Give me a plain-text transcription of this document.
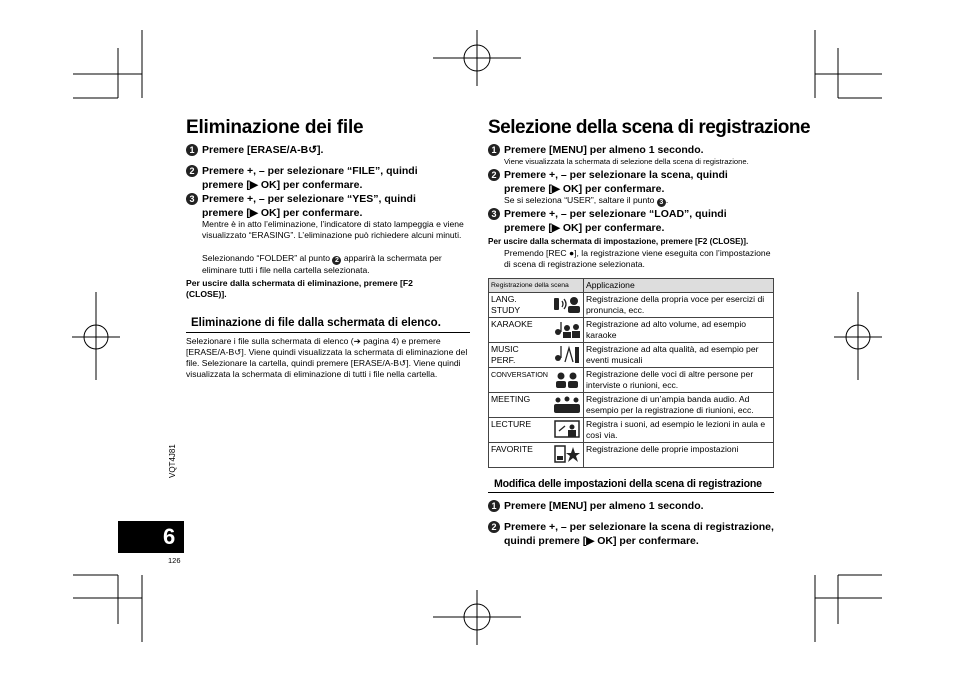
Eliminazione dei file
1 Premere [ERASE/A-B↺].
2 Premere +, – per selezionare “FILE”, quindi premere [▶ OK] per confermare.
3 Premere +, – per selezionare “YES”, quindi premere [▶ OK] per confermare.
Mentre è in atto l’eliminazione, l’indicatore di stato lampeggia e viene visualizzato “ERASING”. L’eliminazione può richiedere alcuni minuti.
Selezionando “FOLDER” al punto 2 apparirà la schermata per eliminare tutti i file nella cartella selezionata.
Per uscire dalla schermata di eliminazione, premere [F2 (CLOSE)].
Eliminazione di file dalla schermata di elenco.
Selezionare i file sulla schermata di elenco (➔ pagina 4) e premere [ERASE/A-B↺]. Viene quindi visualizzata la schermata di eliminazione del file. Selezionare la cartella, quindi premere [ERASE/A-B↺]. Viene quindi visualizzata la schermata di eliminazione di tutti i file nella cartella.
Selezione della scena di registrazione
1 Premere [MENU] per almeno 1 secondo.
Viene visualizzata la schermata di selezione della scena di registrazione.
2 Premere +, – per selezionare la scena, quindi premere [▶ OK] per confermare.
Se si seleziona “USER”, saltare il punto 3 .
3 Premere +, – per selezionare “LOAD”, quindi premere [▶ OK] per confermare.
Per uscire dalla schermata di impostazione, premere [F2 (CLOSE)].
Premendo [REC ●], la registrazione viene eseguita con l’impostazione di scena di registrazione selezionata.
Registrazione della scena	Applicazione

LANG. STUDY	Registrazione della propria voce per esercizi di pronuncia, ecc.

KARAOKE	Registrazione ad alto volume, ad esempio karaoke

MUSIC PERF.	Registrazione ad alta qualità, ad esempio per eventi musicali

CONVERSATION	Registrazione delle voci di altre persone per interviste o riunioni, ecc.

MEETING	Registrazione di un’ampia banda audio. Ad esempio per la registrazione di riunioni, ecc.

LECTURE	Registra i suoni, ad esempio le lezioni in aula e così via.

FAVORITE	Registrazione delle proprie impostazioni
Modifica delle impostazioni della scena di registrazione
1 Premere [MENU] per almeno 1 secondo.
2 Premere +, – per selezionare la scena di registrazione, quindi premere [▶ OK] per confermare.
VQT4J81
6
126
